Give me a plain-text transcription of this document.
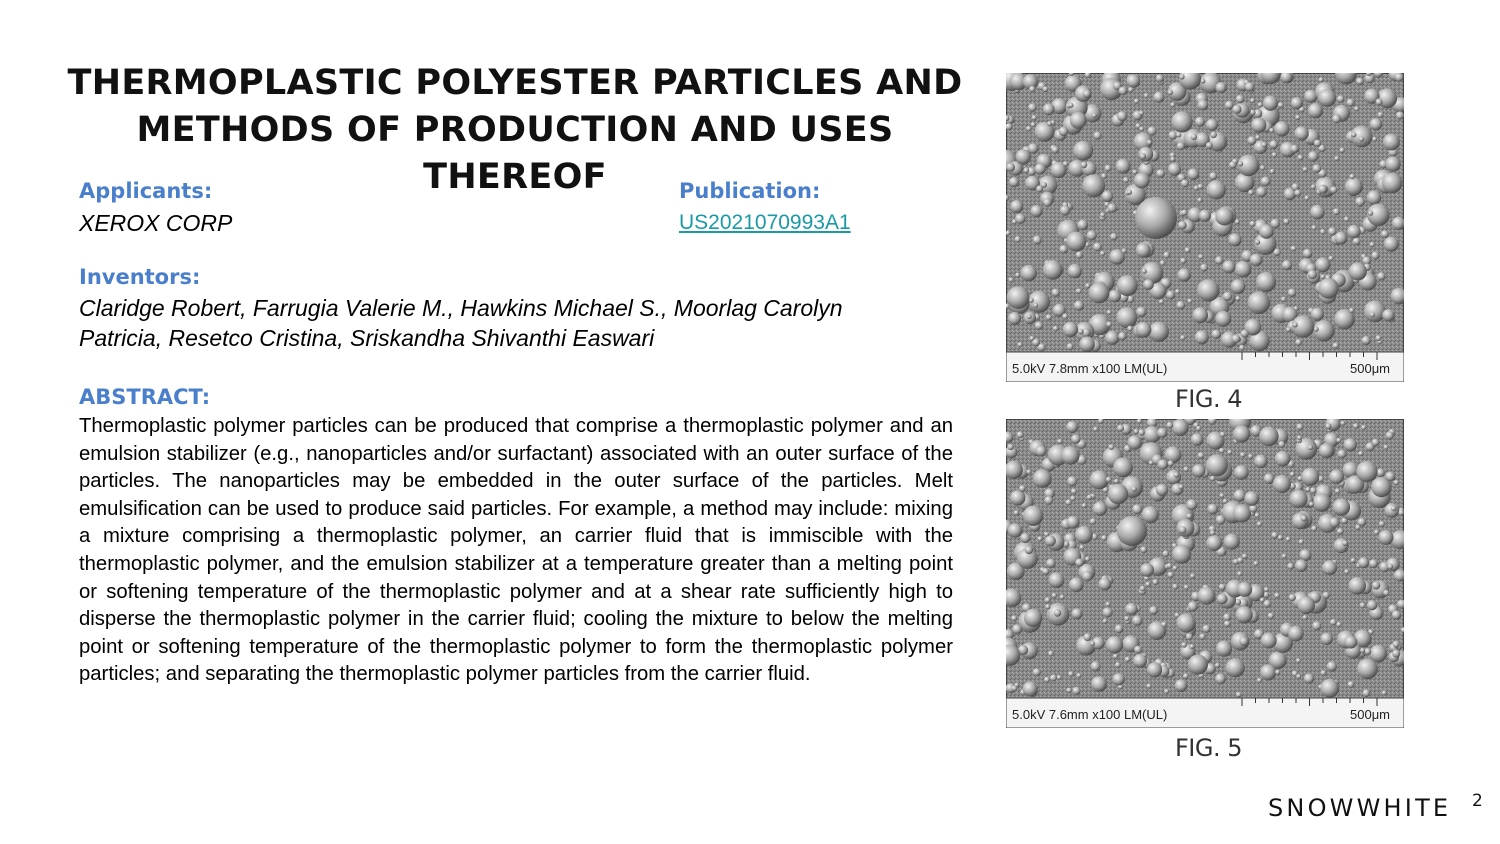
THERMOPLASTIC POLYESTER PARTICLES AND
METHODS OF PRODUCTION AND USES THEREOF
Applicants:
XEROX CORP
Publication:
US2021070993A1
Inventors:
Claridge Robert, Farrugia Valerie M., Hawkins Michael S., Moorlag Carolyn
Patricia, Resetco Cristina, Sriskandha Shivanthi Easwari
ABSTRACT:
Thermoplastic polymer particles can be produced that comprise a thermoplastic polymer and an emulsion stabilizer (e.g., nanoparticles and/or surfactant) associated with an outer surface of the particles. The nanoparticles may be embedded in the outer surface of the particles. Melt emulsification can be used to produce said particles. For example, a method may include: mixing a mixture comprising a thermoplastic polymer, an carrier fluid that is immiscible with the thermoplastic polymer, and the emulsion stabilizer at a temperature greater than a melting point or softening temperature of the thermoplastic polymer and at a shear rate sufficiently high to disperse the thermoplastic polymer in the carrier fluid; cooling the mixture to below the melting point or softening temperature of the thermoplastic polymer to form the thermoplastic polymer particles; and separating the thermoplastic polymer particles from the carrier fluid.
5.0kV 7.8mm x100 LM(UL)	500μm
FIG. 4
5.0kV 7.6mm x100 LM(UL)	500μm
FIG. 5
SNOWWHITE 2
